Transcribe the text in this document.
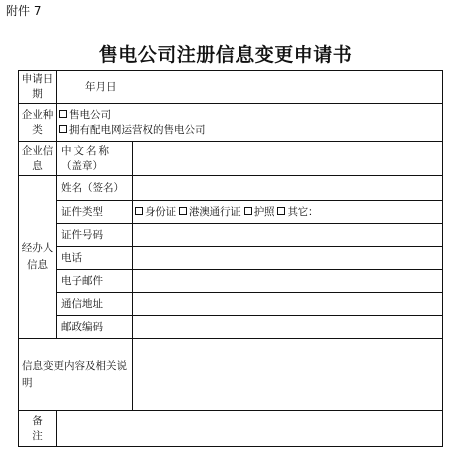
附件 7
售电公司注册信息变更申请书
申请日期	年月日	
企业种类	售电公司
拥有配电网运营权的售电公司	

企业信息	中文名称
（盖章）	

经办人信息	姓名（签名）	
	证件类型	身份证 港澳通行证 护照 其它：
	证件号码	
	电话	
	电子邮件	
	通信地址	
	邮政编码	
信息变更内容及相关说明		

备注		
